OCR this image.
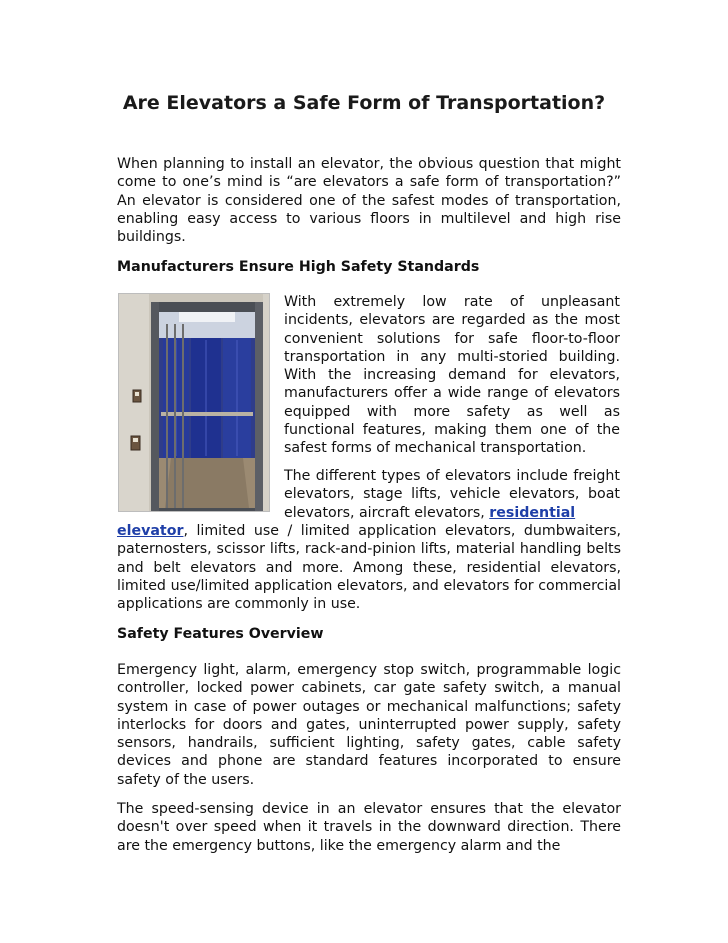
Are Elevators a Safe Form of Transportation?

When planning to install an elevator, the obvious question that might come to one’s mind is “are elevators a safe form of transportation?” An elevator is considered one of the safest modes of transportation, enabling easy access to various floors in multilevel and high rise buildings.

Manufacturers Ensure High Safety Standards

With extremely low rate of unpleasant incidents, elevators are regarded as the most convenient solutions for safe floor-to-floor transportation in any multi-storied building. With the increasing demand for elevators, manufacturers offer a wide range of elevators equipped with more safety as well as functional features, making them one of the safest forms of mechanical transportation.

The different types of elevators include freight elevators, stage lifts, vehicle elevators, boat elevators, aircraft elevators, residential

elevator, limited use / limited application elevators, dumbwaiters, paternosters, scissor lifts, rack-and-pinion lifts, material handling belts and belt elevators and more. Among these, residential elevators, limited use/limited application elevators, and elevators for commercial applications are commonly in use.

Safety Features Overview

Emergency light, alarm, emergency stop switch, programmable logic controller, locked power cabinets, car gate safety switch, a manual system in case of power outages or mechanical malfunctions; safety interlocks for doors and gates, uninterrupted power supply, safety sensors, handrails, sufficient lighting, safety gates, cable safety devices and phone are standard features incorporated to ensure safety of the users.

The speed-sensing device in an elevator ensures that the elevator doesn't over speed when it travels in the downward direction. There are the emergency buttons, like the emergency alarm and the
